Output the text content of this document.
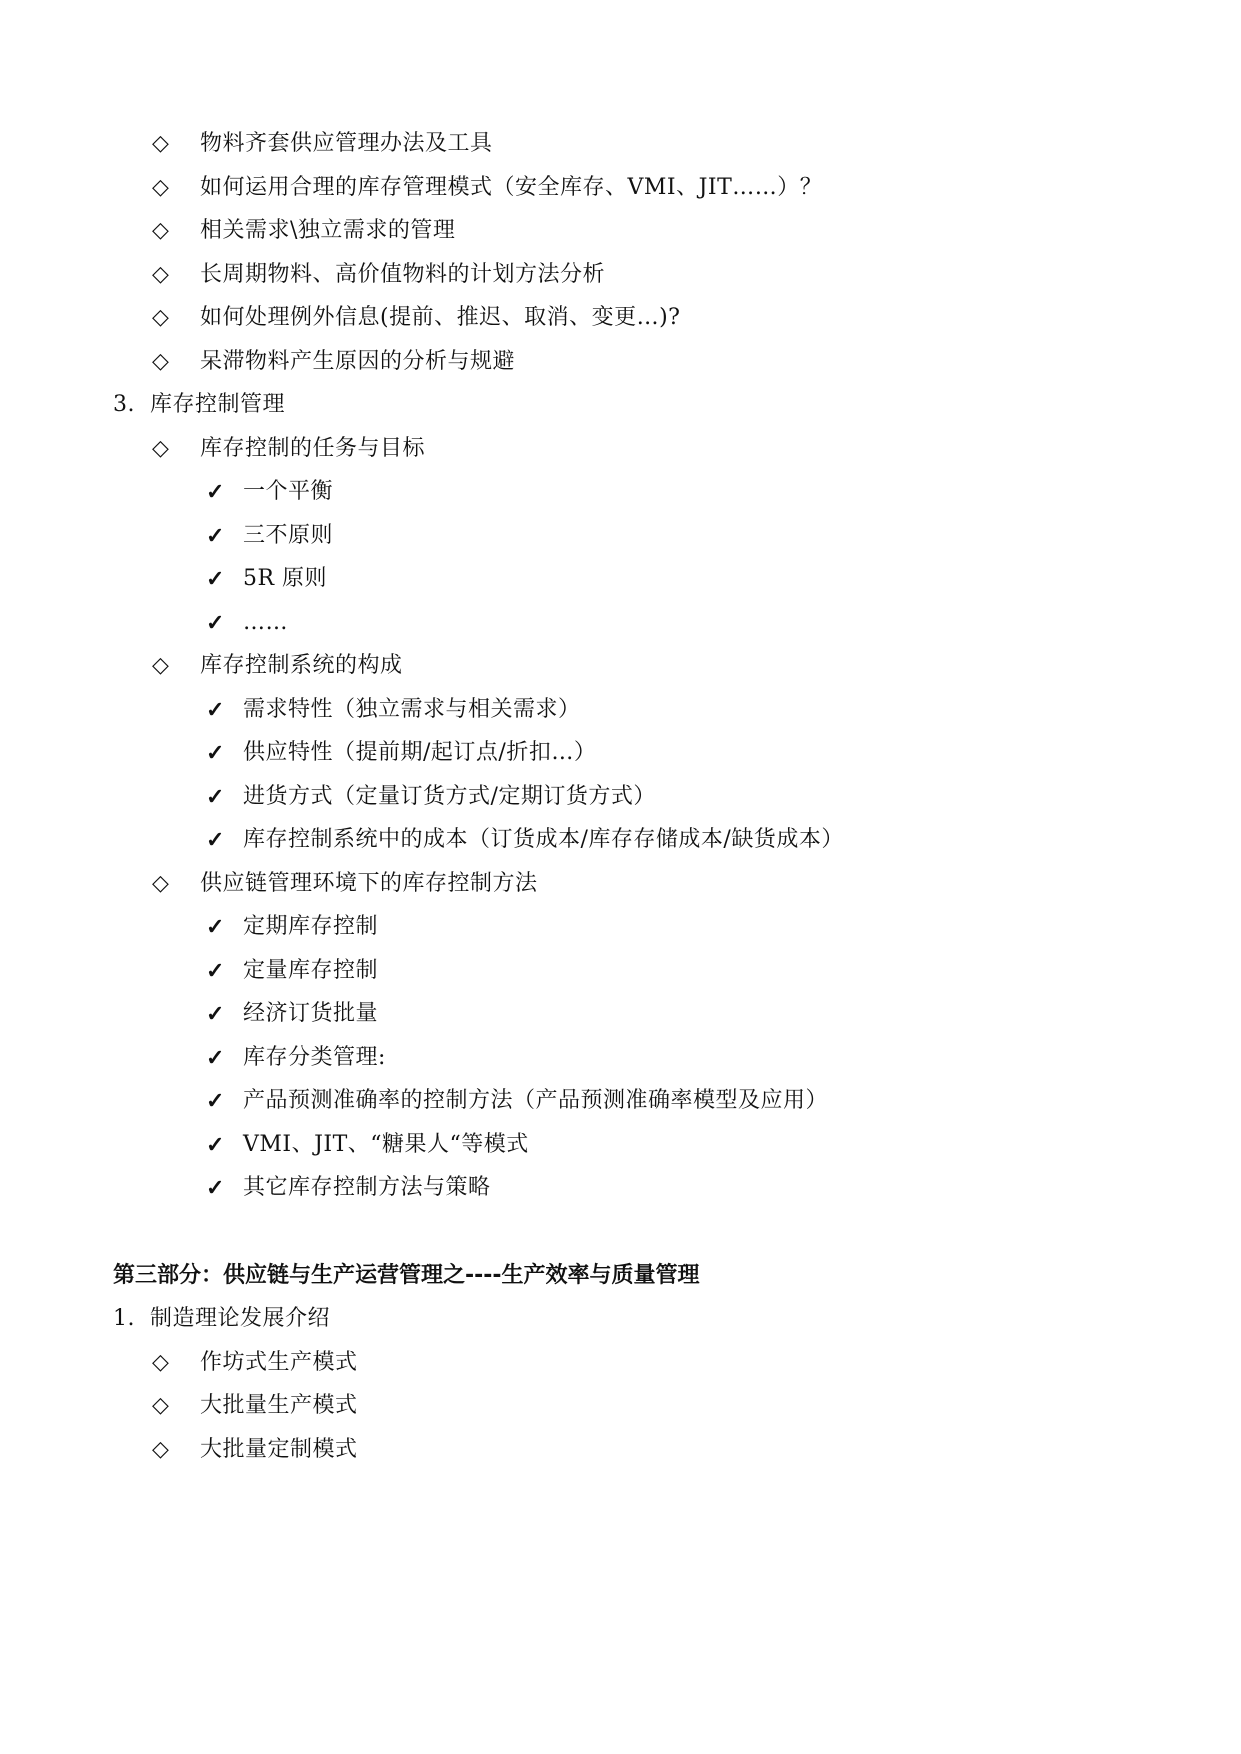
◇ 物料齐套供应管理办法及工具
◇ 如何运用合理的库存管理模式（安全库存、VMI、JIT……）？
◇ 相关需求\独立需求的管理
◇ 长周期物料、高价值物料的计划方法分析
◇ 如何处理例外信息(提前、推迟、取消、变更…)?
◇ 呆滞物料产生原因的分析与规避
3. 库存控制管理
◇ 库存控制的任务与目标
✓ 一个平衡
✓ 三不原则
✓ 5R 原则
✓ ……
◇ 库存控制系统的构成
✓ 需求特性（独立需求与相关需求）
✓ 供应特性（提前期/起订点/折扣…）
✓ 进货方式（定量订货方式/定期订货方式）
✓ 库存控制系统中的成本（订货成本/库存存储成本/缺货成本）
◇ 供应链管理环境下的库存控制方法
✓ 定期库存控制
✓ 定量库存控制
✓ 经济订货批量
✓ 库存分类管理:
✓ 产品预测准确率的控制方法（产品预测准确率模型及应用）
✓ VMI、JIT、“糖果人“等模式
✓ 其它库存控制方法与策略
第三部分：供应链与生产运营管理之----生产效率与质量管理
1. 制造理论发展介绍
◇ 作坊式生产模式
◇ 大批量生产模式
◇ 大批量定制模式
